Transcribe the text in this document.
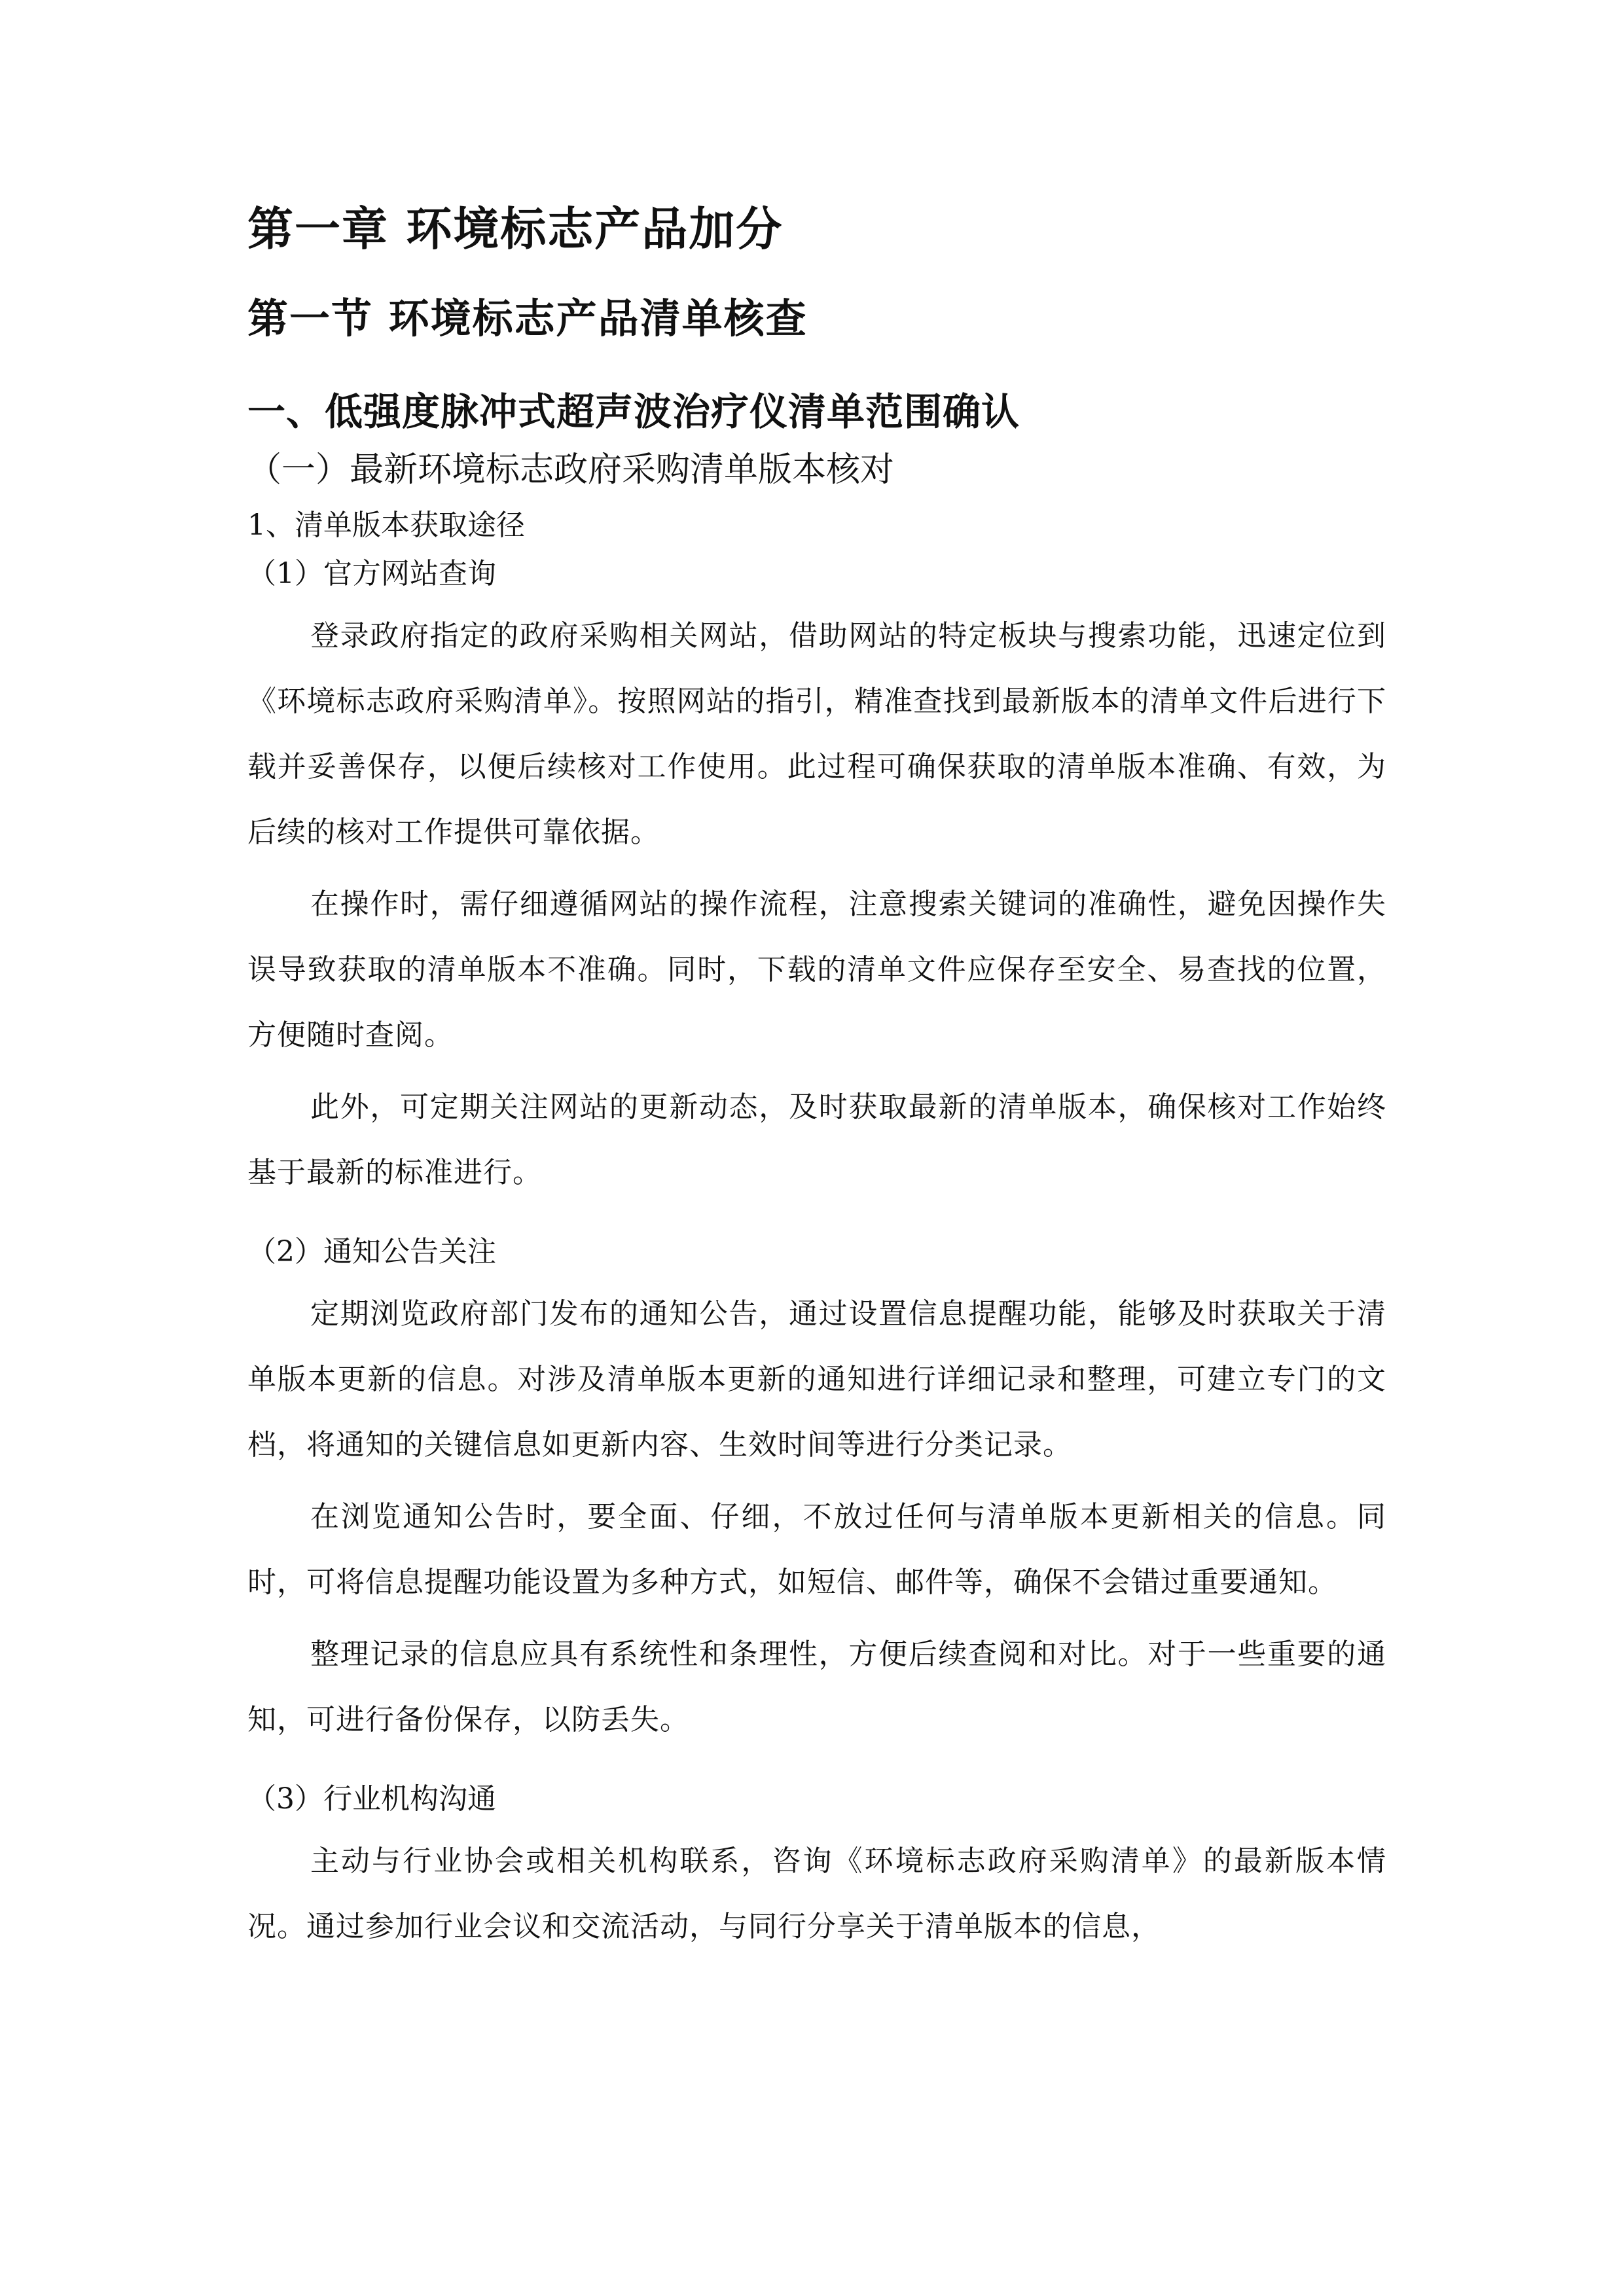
第一章 环境标志产品加分
第一节 环境标志产品清单核查
一、低强度脉冲式超声波治疗仪清单范围确认
（一）最新环境标志政府采购清单版本核对
1、清单版本获取途径
（1）官方网站查询

登录政府指定的政府采购相关网站，借助网站的特定板块与搜索功能，迅速定位到《环境标志政府采购清单》。按照网站的指引，精准查找到最新版本的清单文件后进行下载并妥善保存，以便后续核对工作使用。此过程可确保获取的清单版本准确、有效，为后续的核对工作提供可靠依据。

在操作时，需仔细遵循网站的操作流程，注意搜索关键词的准确性，避免因操作失误导致获取的清单版本不准确。同时，下载的清单文件应保存至安全、易查找的位置，方便随时查阅。

此外，可定期关注网站的更新动态，及时获取最新的清单版本，确保核对工作始终基于最新的标准进行。

（2）通知公告关注

定期浏览政府部门发布的通知公告，通过设置信息提醒功能，能够及时获取关于清单版本更新的信息。对涉及清单版本更新的通知进行详细记录和整理，可建立专门的文档，将通知的关键信息如更新内容、生效时间等进行分类记录。

在浏览通知公告时，要全面、仔细，不放过任何与清单版本更新相关的信息。同时，可将信息提醒功能设置为多种方式，如短信、邮件等，确保不会错过重要通知。

整理记录的信息应具有系统性和条理性，方便后续查阅和对比。对于一些重要的通知，可进行备份保存，以防丢失。

（3）行业机构沟通

主动与行业协会或相关机构联系，咨询《环境标志政府采购清单》的最新版本情况。通过参加行业会议和交流活动，与同行分享关于清单版本的信息，
